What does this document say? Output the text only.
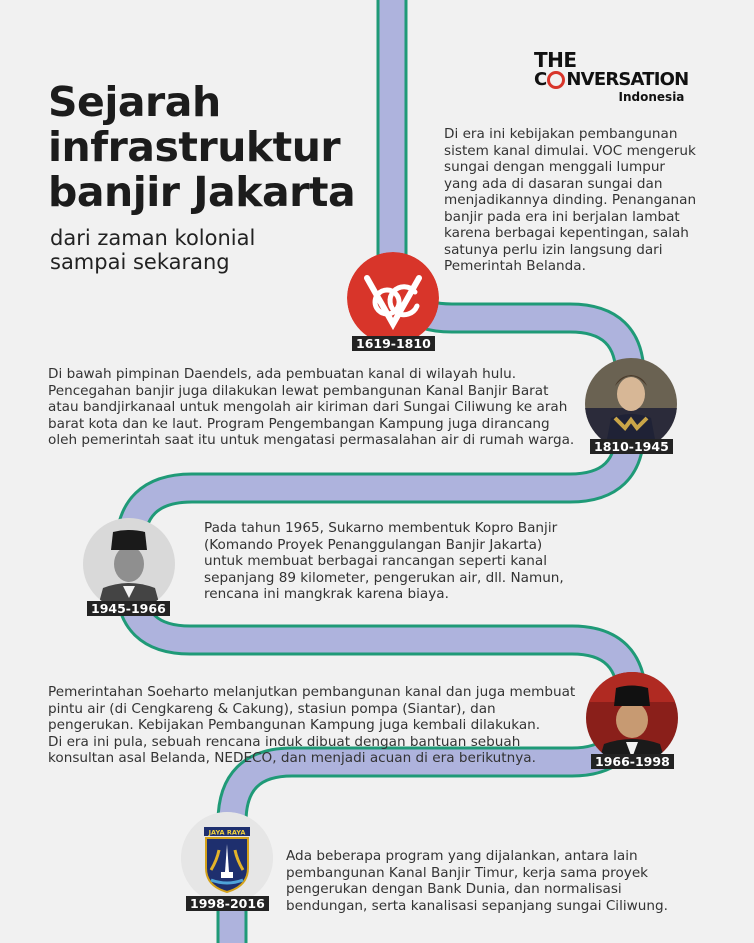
Sejarah
infrastruktur
banjir Jakarta
dari zaman kolonial
sampai sekarang
THE
C NVERSATION
Indonesia
Di era ini kebijakan pembangunan
sistem kanal dimulai. VOC mengeruk
sungai dengan menggali lumpur
yang ada di dasaran sungai dan
menjadikannya dinding. Penanganan
banjir pada era ini berjalan lambat
karena berbagai kepentingan, salah
satunya perlu izin langsung dari
Pemerintah Belanda.
1619-1810
Di bawah pimpinan Daendels, ada pembuatan kanal di wilayah hulu.
Pencegahan banjir juga dilakukan lewat pembangunan Kanal Banjir Barat
atau bandjirkanaal untuk mengolah air kiriman dari Sungai Ciliwung ke arah
barat kota dan ke laut. Program Pengembangan Kampung juga dirancang
oleh pemerintah saat itu untuk mengatasi permasalahan air di rumah warga.	1810-1945
Pada tahun 1965, Sukarno membentuk Kopro Banjir
(Komando Proyek Penanggulangan Banjir Jakarta)
untuk membuat berbagai rancangan seperti kanal
sepanjang 89 kilometer, pengerukan air, dll. Namun,
rencana ini mangkrak karena biaya.
1945-1966
Pemerintahan Soeharto melanjutkan pembangunan kanal dan juga membuat
pintu air (di Cengkareng & Cakung), stasiun pompa (Siantar), dan
pengerukan. Kebijakan Pembangunan Kampung juga kembali dilakukan.
Di era ini pula, sebuah rencana induk dibuat dengan bantuan sebuah
konsultan asal Belanda, NEDECO, dan menjadi acuan di era berikutnya.	1966-1998
Ada beberapa program yang dijalankan, antara lain
pembangunan Kanal Banjir Timur, kerja sama proyek
pengerukan dengan Bank Dunia, dan normalisasi
bendungan, serta kanalisasi sepanjang sungai Ciliwung.
JAYA RAYA
1998-2016
